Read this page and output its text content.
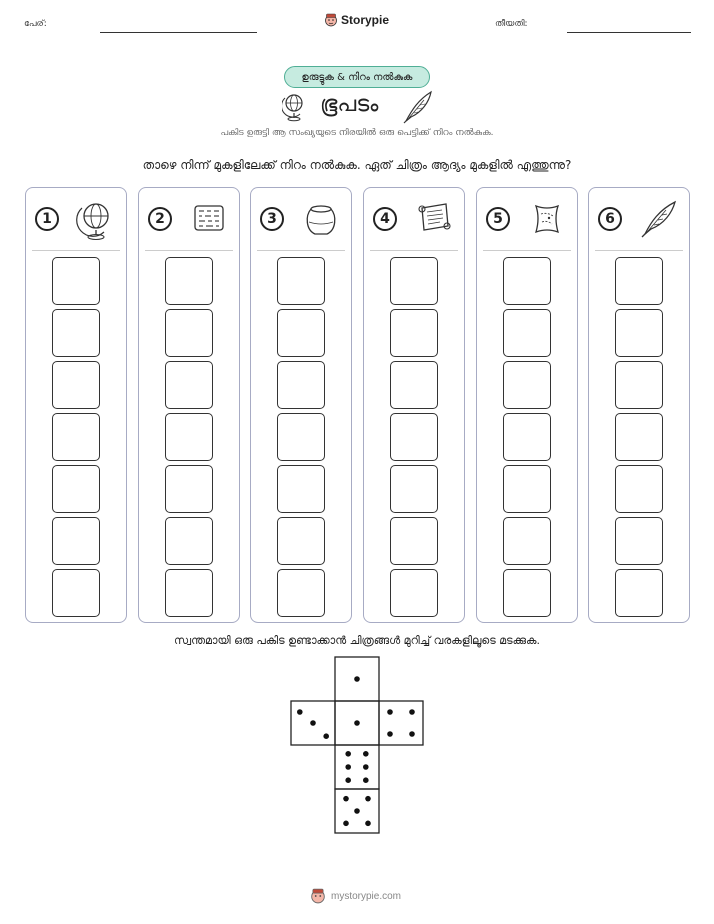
പേര്:	Storypie	തീയതി:
ഉരുട്ടുക & നിറം നൽകുക
ഭൂപടം
പകിട ഉരുട്ടി ആ സംഖ്യയുടെ നിരയിൽ ഒരു പെട്ടിക്ക് നിറം നൽകുക.
താഴെ നിന്ന് മുകളിലേക്ക് നിറം നൽകുക. ഏത് ചിത്രം ആദ്യം മുകളിൽ എത്തുന്നു?
1	2	3	4	5	6
സ്വന്തമായി ഒരു പകിട ഉണ്ടാക്കാൻ ചിത്രങ്ങൾ മുറിച്ച് വരകളിലൂടെ മടക്കുക.
mystorypie.com
